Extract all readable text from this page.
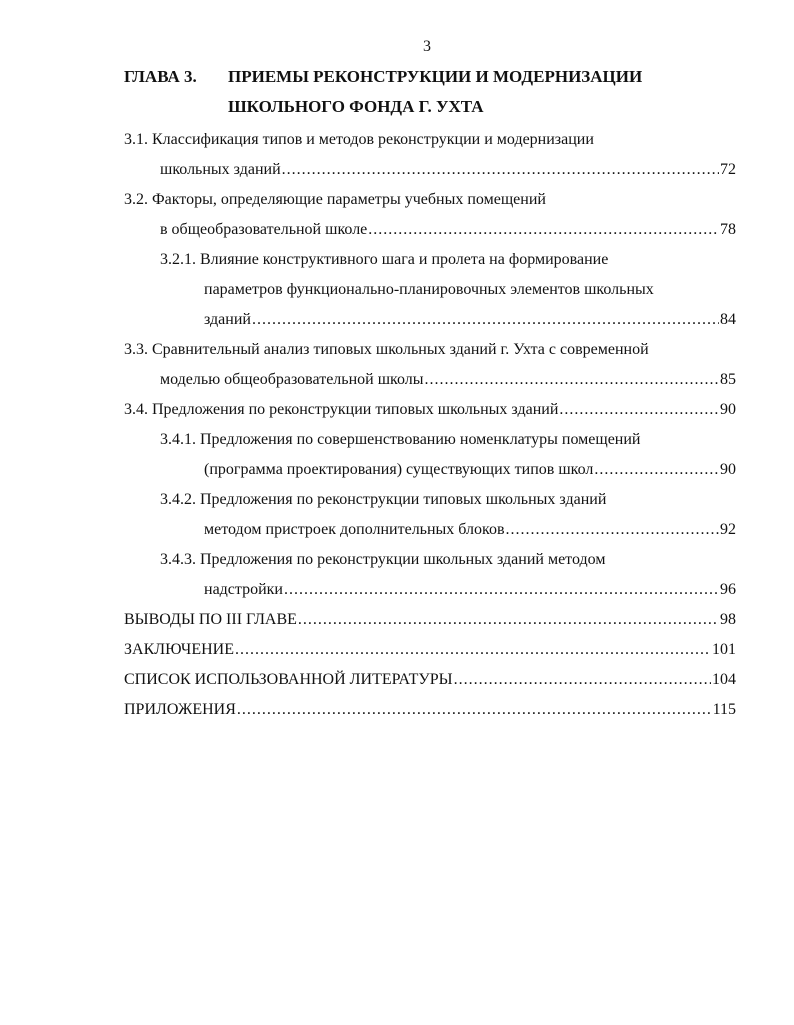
3
ГЛАВА 3. ПРИЕМЫ РЕКОНСТРУКЦИИ И МОДЕРНИЗАЦИИ
ШКОЛЬНОГО ФОНДА Г. УХТА
3.1. Классификация типов и методов реконструкции и модернизации
школьных зданий .....	72
3.2. Факторы, определяющие параметры учебных помещений
в общеобразовательной школе .....	78
3.2.1. Влияние конструктивного шага и пролета на формирование
параметров функционально-планировочных элементов школьных
зданий .....	84
3.3. Сравнительный анализ типовых школьных зданий г. Ухта с современной
моделью общеобразовательной школы .....	85
3.4. Предложения по реконструкции типовых школьных зданий .....	90
3.4.1. Предложения по совершенствованию номенклатуры помещений
(программа проектирования) существующих типов школ .....	90
3.4.2. Предложения по реконструкции типовых школьных зданий
методом пристроек дополнительных блоков .....	92
3.4.3. Предложения по реконструкции школьных зданий методом
надстройки .....	96
ВЫВОДЫ ПО III ГЛАВЕ .....	98
ЗАКЛЮЧЕНИЕ .....	101
СПИСОК ИСПОЛЬЗОВАННОЙ ЛИТЕРАТУРЫ .....	104
ПРИЛОЖЕНИЯ .....	115
